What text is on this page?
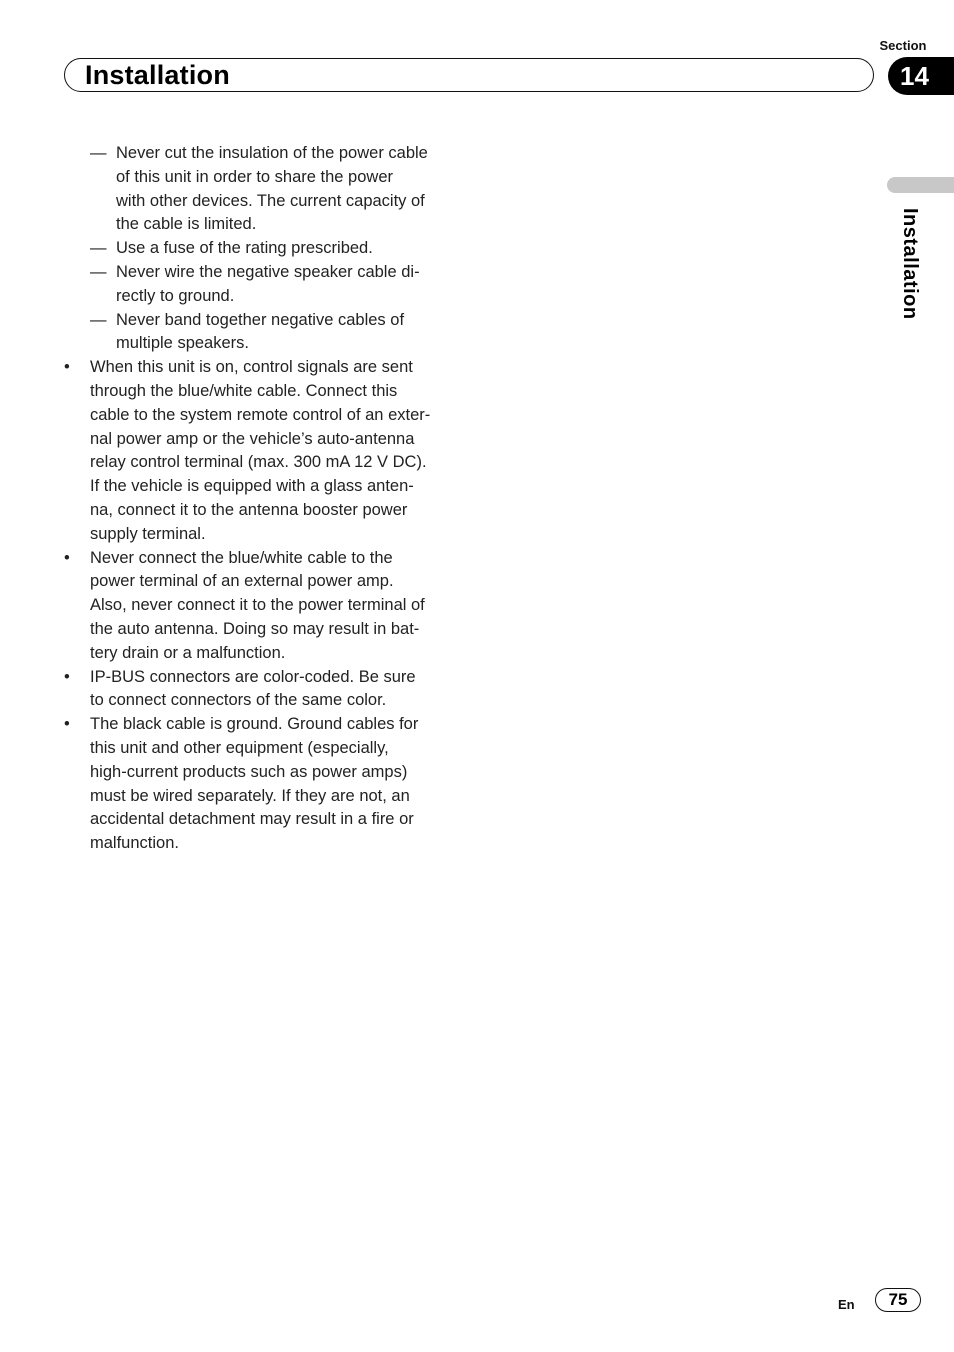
Section
Installation	14
Installation
— Never cut the insulation of the power cable
of this unit in order to share the power
with other devices. The current capacity of
the cable is limited.
— Use a fuse of the rating prescribed.
— Never wire the negative speaker cable di-
rectly to ground.
— Never band together negative cables of
multiple speakers.
• When this unit is on, control signals are sent
through the blue/white cable. Connect this
cable to the system remote control of an exter-
nal power amp or the vehicle’s auto-antenna
relay control terminal (max. 300 mA 12 V DC).
If the vehicle is equipped with a glass anten-
na, connect it to the antenna booster power
supply terminal.
• Never connect the blue/white cable to the
power terminal of an external power amp.
Also, never connect it to the power terminal of
the auto antenna. Doing so may result in bat-
tery drain or a malfunction.
• IP-BUS connectors are color-coded. Be sure
to connect connectors of the same color.
• The black cable is ground. Ground cables for
this unit and other equipment (especially,
high-current products such as power amps)
must be wired separately. If they are not, an
accidental detachment may result in a fire or
malfunction.
En	75
